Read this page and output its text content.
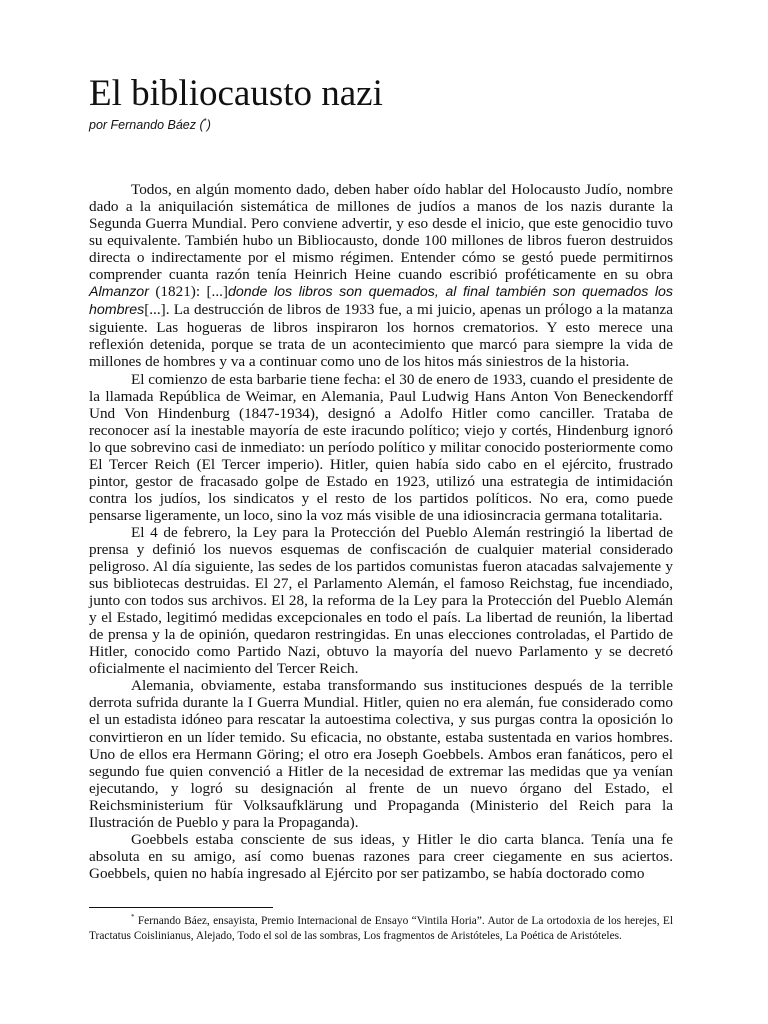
El bibliocausto nazi
por Fernando Báez (*)

Todos, en algún momento dado, deben haber oído hablar del Holocausto Judío, nombre dado a la aniquilación sistemática de millones de judíos a manos de los nazis durante la Segunda Guerra Mundial. Pero conviene advertir, y eso desde el inicio, que este genocidio tuvo su equivalente. También hubo un Bibliocausto, donde 100 millones de libros fueron destruidos directa o indirectamente por el mismo régimen. Entender cómo se gestó puede permitirnos comprender cuanta razón tenía Heinrich Heine cuando escribió proféticamente en su obra Almanzor (1821): [...]donde los libros son quemados, al final también son quemados los hombres[...]. La destrucción de libros de 1933 fue, a mi juicio, apenas un prólogo a la matanza siguiente. Las hogueras de libros inspiraron los hornos crematorios. Y esto merece una reflexión detenida, porque se trata de un acontecimiento que marcó para siempre la vida de millones de hombres y va a continuar como uno de los hitos más siniestros de la historia.

El comienzo de esta barbarie tiene fecha: el 30 de enero de 1933, cuando el presidente de la llamada República de Weimar, en Alemania, Paul Ludwig Hans Anton Von Beneckendorff Und Von Hindenburg (1847-1934), designó a Adolfo Hitler como canciller. Trataba de reconocer así la inestable mayoría de este iracundo político; viejo y cortés, Hindenburg ignoró lo que sobrevino casi de inmediato: un período político y militar conocido posteriormente como El Tercer Reich (El Tercer imperio). Hitler, quien había sido cabo en el ejército, frustrado pintor, gestor de fracasado golpe de Estado en 1923, utilizó una estrategia de intimidación contra los judíos, los sindicatos y el resto de los partidos políticos. No era, como puede pensarse ligeramente, un loco, sino la voz más visible de una idiosincracia germana totalitaria.

El 4 de febrero, la Ley para la Protección del Pueblo Alemán restringió la libertad de prensa y definió los nuevos esquemas de confiscación de cualquier material considerado peligroso. Al día siguiente, las sedes de los partidos comunistas fueron atacadas salvajemente y sus bibliotecas destruidas. El 27, el Parlamento Alemán, el famoso Reichstag, fue incendiado, junto con todos sus archivos. El 28, la reforma de la Ley para la Protección del Pueblo Alemán y el Estado, legitimó medidas excepcionales en todo el país. La libertad de reunión, la libertad de prensa y la de opinión, quedaron restringidas. En unas elecciones controladas, el Partido de Hitler, conocido como Partido Nazi, obtuvo la mayoría del nuevo Parlamento y se decretó oficialmente el nacimiento del Tercer Reich.

Alemania, obviamente, estaba transformando sus instituciones después de la terrible derrota sufrida durante la I Guerra Mundial. Hitler, quien no era alemán, fue considerado como el un estadista idóneo para rescatar la autoestima colectiva, y sus purgas contra la oposición lo convirtieron en un líder temido. Su eficacia, no obstante, estaba sustentada en varios hombres. Uno de ellos era Hermann Göring; el otro era Joseph Goebbels. Ambos eran fanáticos, pero el segundo fue quien convenció a Hitler de la necesidad de extremar las medidas que ya venían ejecutando, y logró su designación al frente de un nuevo órgano del Estado, el Reichsministerium für Volksaufklärung und Propaganda (Ministerio del Reich para la Ilustración de Pueblo y para la Propaganda).

Goebbels estaba consciente de sus ideas, y Hitler le dio carta blanca. Tenía una fe absoluta en su amigo, así como buenas razones para creer ciegamente en sus aciertos. Goebbels, quien no había ingresado al Ejército por ser patizambo, se había doctorado como

* Fernando Báez, ensayista, Premio Internacional de Ensayo “Vintila Horia”. Autor de La ortodoxia de los herejes, El Tractatus Coislinianus, Alejado, Todo el sol de las sombras, Los fragmentos de Aristóteles, La Poética de Aristóteles.
